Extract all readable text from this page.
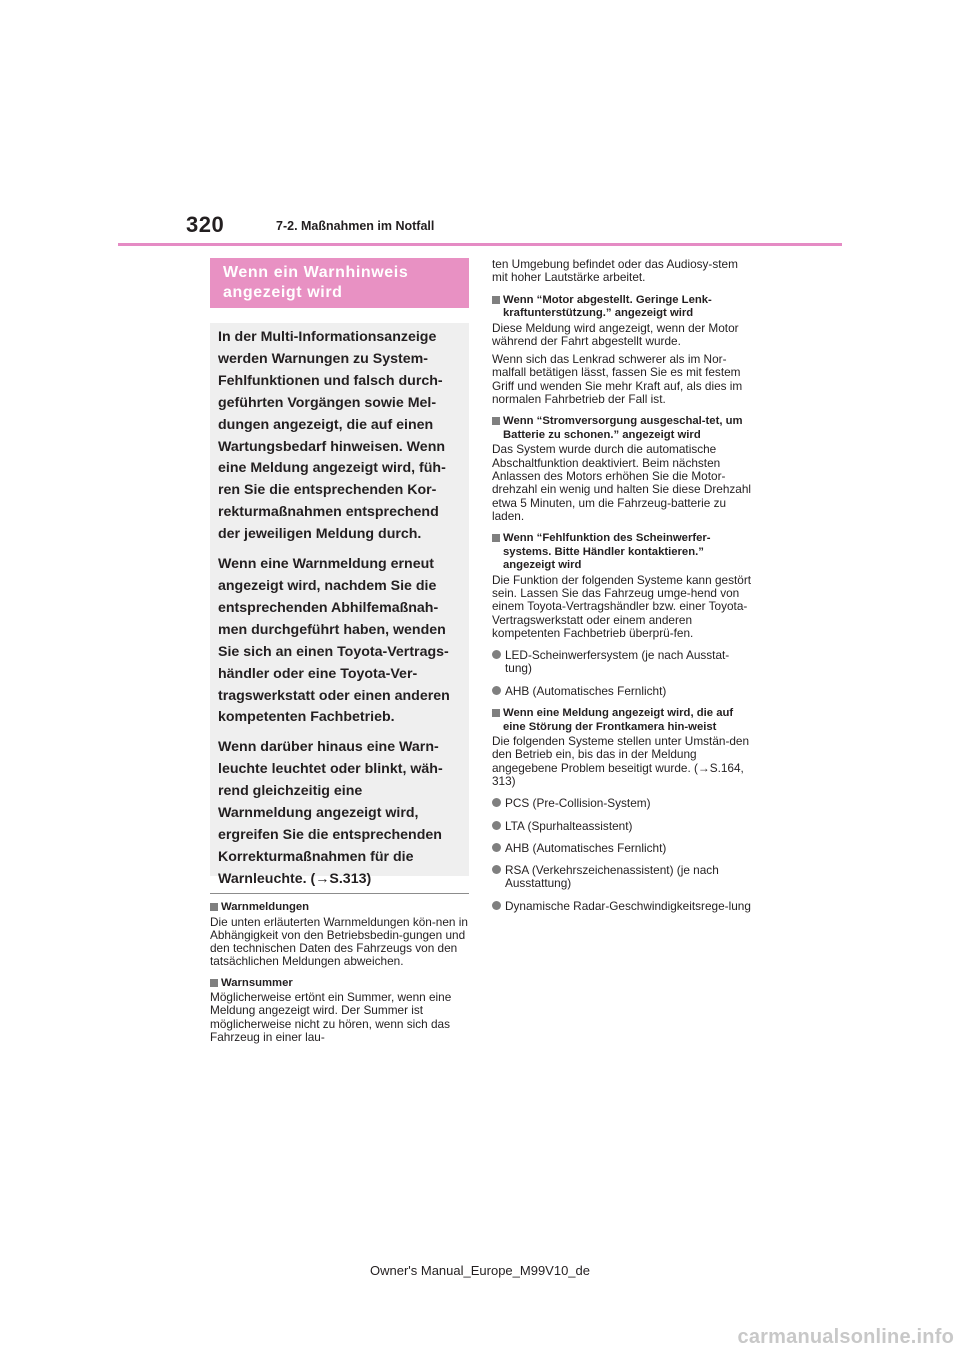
320	7-2. Maßnahmen im Notfall
Wenn ein Warnhinweis angezeigt wird

In der Multi-Informationsanzeige werden Warnungen zu System-Fehlfunktionen und falsch durch-geführten Vorgängen sowie Mel-dungen angezeigt, die auf einen Wartungsbedarf hinweisen. Wenn eine Meldung angezeigt wird, füh-ren Sie die entsprechenden Kor-rekturmaßnahmen entsprechend der jeweiligen Meldung durch.

Wenn eine Warnmeldung erneut angezeigt wird, nachdem Sie die entsprechenden Abhilfemaßnah-men durchgeführt haben, wenden Sie sich an einen Toyota-Vertrags-händler oder eine Toyota-Ver-tragswerkstatt oder einen anderen kompetenten Fachbetrieb.

Wenn darüber hinaus eine Warn-leuchte leuchtet oder blinkt, wäh-rend gleichzeitig eine Warnmeldung angezeigt wird, ergreifen Sie die entsprechenden Korrekturmaßnahmen für die Warnleuchte. (→S.313)

Warnmeldungen
Die unten erläuterten Warnmeldungen kön-nen in Abhängigkeit von den Betriebsbedin-gungen und den technischen Daten des Fahrzeugs von den tatsächlichen Meldungen abweichen.
Warnsummer
Möglicherweise ertönt ein Summer, wenn eine Meldung angezeigt wird. Der Summer ist möglicherweise nicht zu hören, wenn sich das Fahrzeug in einer lau-
ten Umgebung befindet oder das Audiosy-stem mit hoher Lautstärke arbeitet.
Wenn “Motor abgestellt. Geringe Lenk-kraftunterstützung.” angezeigt wird
Diese Meldung wird angezeigt, wenn der Motor während der Fahrt abgestellt wurde.
Wenn sich das Lenkrad schwerer als im Nor-malfall betätigen lässt, fassen Sie es mit festem Griff und wenden Sie mehr Kraft auf, als dies im normalen Fahrbetrieb der Fall ist.
Wenn “Stromversorgung ausgeschal-tet, um Batterie zu schonen.” angezeigt wird
Das System wurde durch die automatische Abschaltfunktion deaktiviert. Beim nächsten Anlassen des Motors erhöhen Sie die Motor-drehzahl ein wenig und halten Sie diese Drehzahl etwa 5 Minuten, um die Fahrzeug-batterie zu laden.
Wenn “Fehlfunktion des Scheinwerfer-systems. Bitte Händler kontaktieren.” angezeigt wird
Die Funktion der folgenden Systeme kann gestört sein. Lassen Sie das Fahrzeug umge-hend von einem Toyota-Vertragshändler bzw. einer Toyota-Vertragswerkstatt oder einem anderen kompetenten Fachbetrieb überprü-fen.
LED-Scheinwerfersystem (je nach Ausstat-tung)
AHB (Automatisches Fernlicht)
Wenn eine Meldung angezeigt wird, die auf eine Störung der Frontkamera hin-weist
Die folgenden Systeme stellen unter Umstän-den den Betrieb ein, bis das in der Meldung angegebene Problem beseitigt wurde. (→S.164, 313)
PCS (Pre-Collision-System)
LTA (Spurhalteassistent)
AHB (Automatisches Fernlicht)
RSA (Verkehrszeichenassistent) (je nach Ausstattung)
Dynamische Radar-Geschwindigkeitsrege-lung
Owner's Manual_Europe_M99V10_de
carmanualsonline.info
